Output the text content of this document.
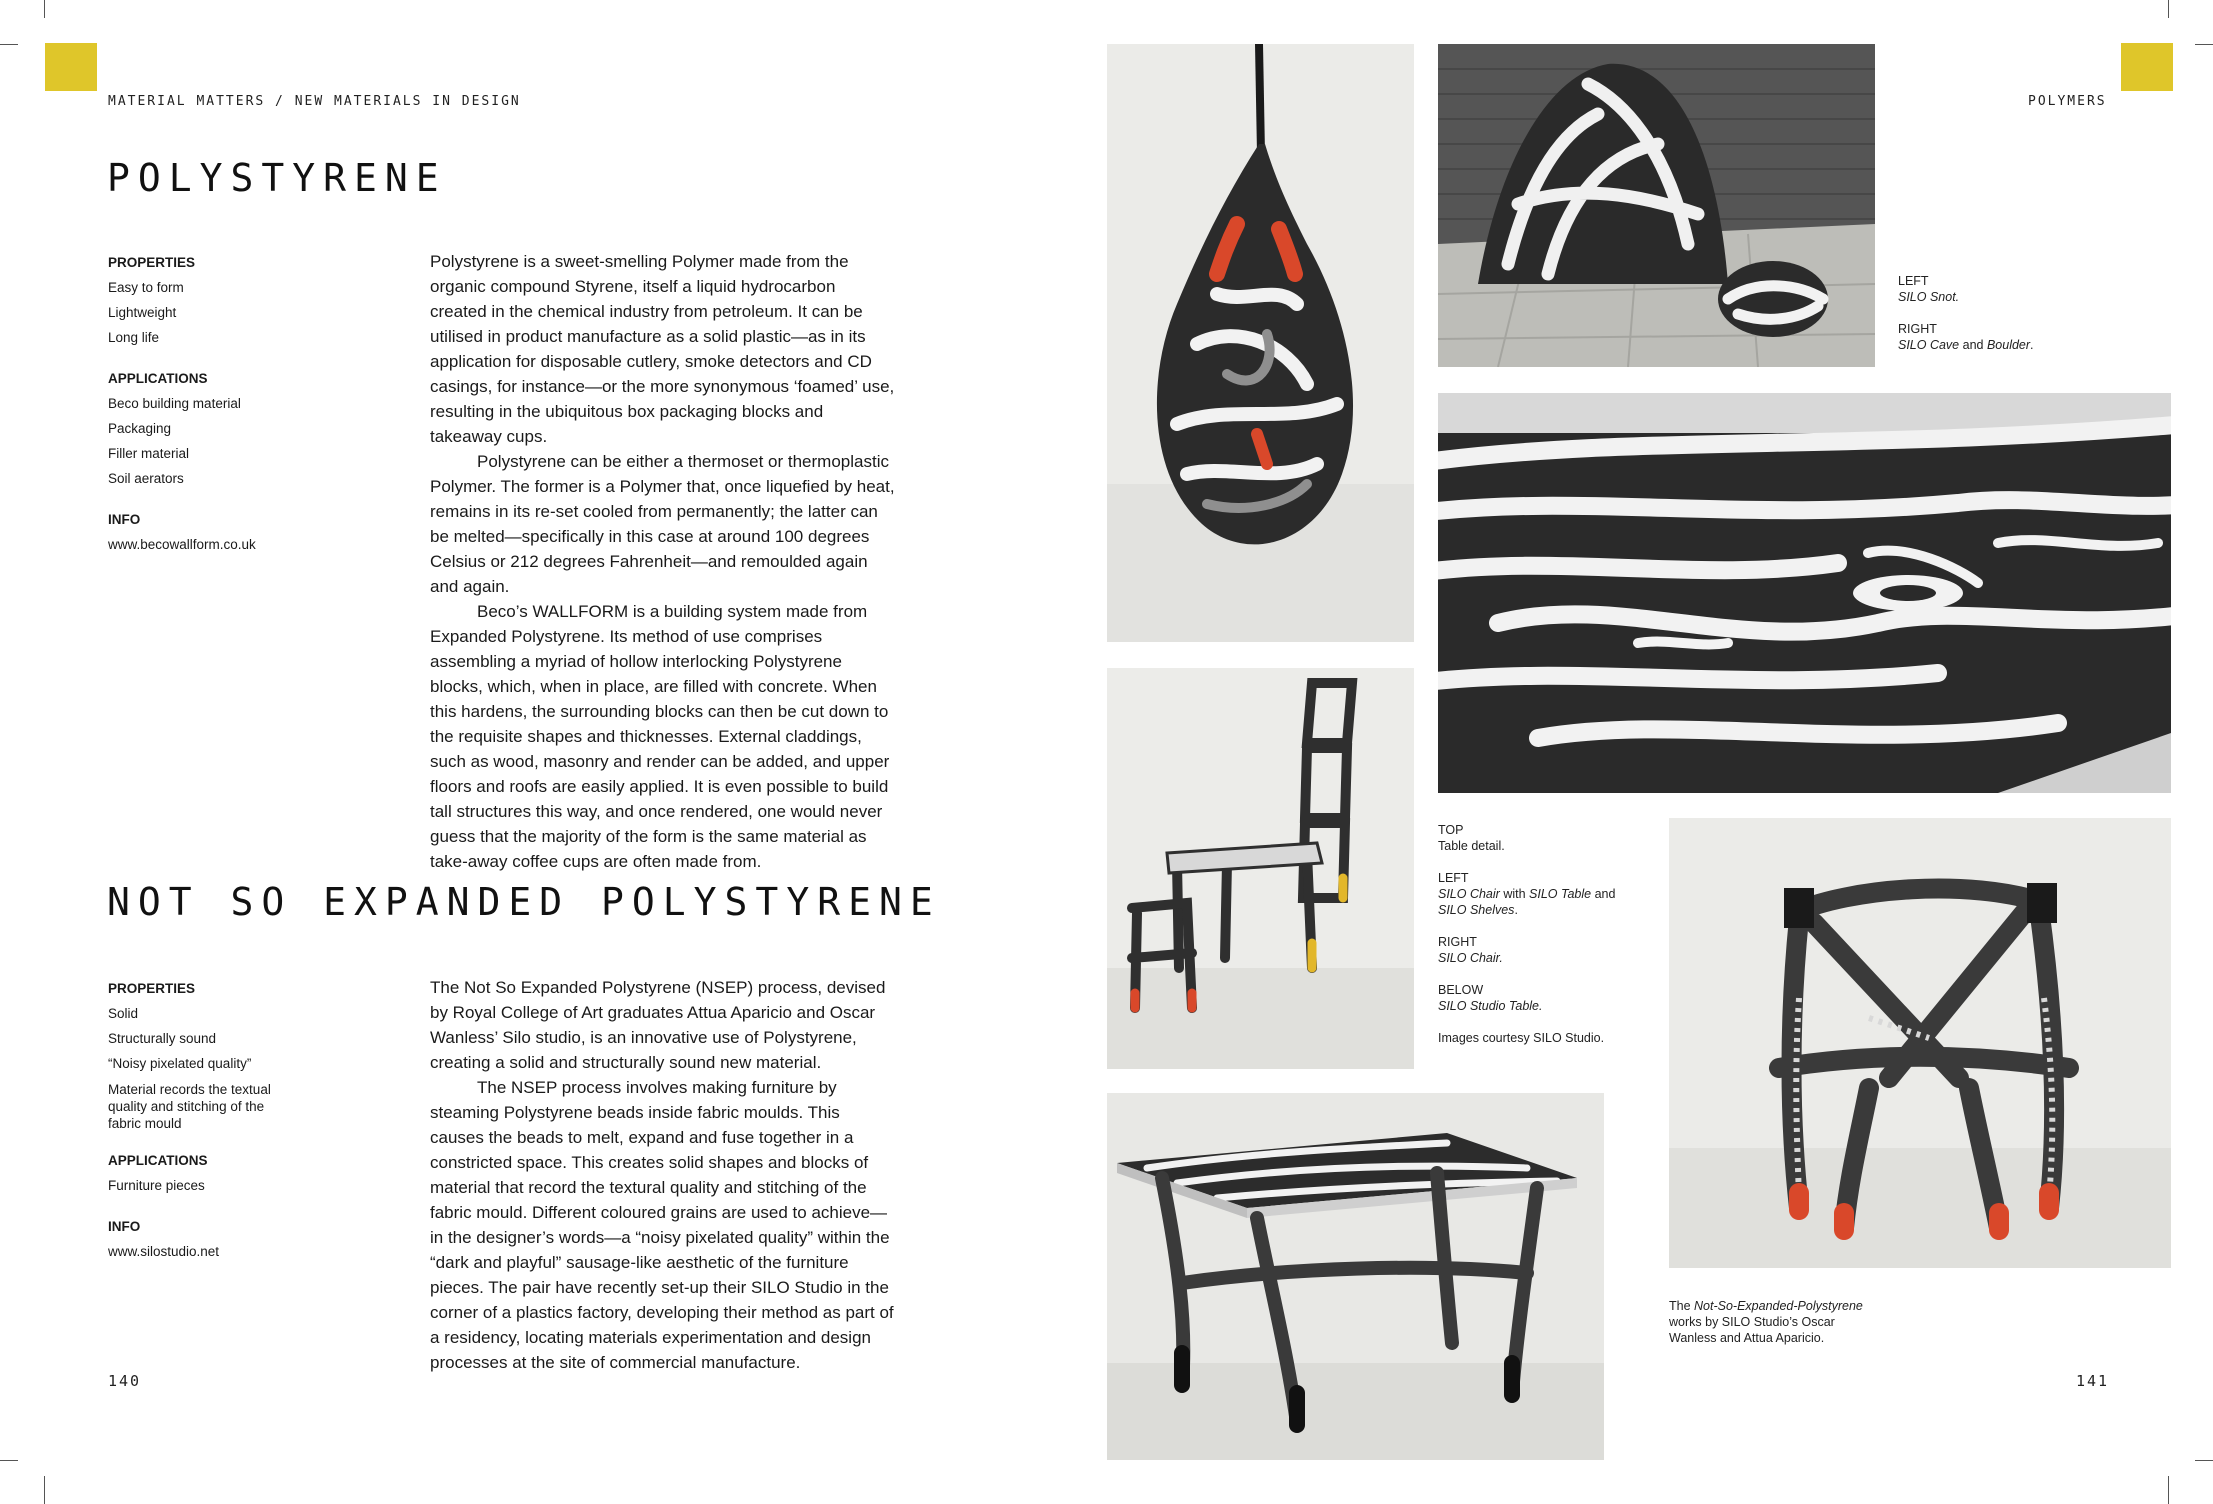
MATERIAL MATTERS / NEW MATERIALS IN DESIGN	POLYMERS
POLYSTYRENE
PROPERTIES
Easy to form
Lightweight
Long life
APPLICATIONS
Beco building material
Packaging
Filler material
Soil aerators
INFO
www.becowallform.co.uk

Polystyrene is a sweet-smelling Polymer made from the organic compound Styrene, itself a liquid hydrocarbon created in the chemical industry from petroleum. It can be utilised in product manufacture as a solid plastic—as in its application for disposable cutlery, smoke detectors and CD casings, for instance—or the more synonymous ‘foamed’ use, resulting in the ubiquitous box packaging blocks and takeaway cups.

Polystyrene can be either a thermoset or thermoplastic Polymer. The former is a Polymer that, once liquefied by heat, remains in its re-set cooled from permanently; the latter can be melted—specifically in this case at around 100 degrees Celsius or 212 degrees Fahrenheit—and remoulded again and again.

Beco’s WALLFORM is a building system made from Expanded Polystyrene. Its method of use comprises assembling a myriad of hollow interlocking Polystyrene blocks, which, when in place, are filled with concrete. When this hardens, the surrounding blocks can then be cut down to the requisite shapes and thicknesses. External claddings, such as wood, masonry and render can be added, and upper floors and roofs are easily applied. It is even possible to build tall structures this way, and once rendered, one would never guess that the majority of the form is the same material as take-away coffee cups are often made from.

NOT SO EXPANDED POLYSTYRENE
PROPERTIES
Solid
Structurally sound
“Noisy pixelated quality”
Material records the textual quality and stitching of the fabric mould
APPLICATIONS
Furniture pieces
INFO
www.silostudio.net

The Not So Expanded Polystyrene (NSEP) process, devised by Royal College of Art graduates Attua Aparicio and Oscar Wanless’ Silo studio, is an innovative use of Polystyrene, creating a solid and structurally sound new material.

The NSEP process involves making furniture by steaming Polystyrene beads inside fabric moulds. This causes the beads to melt, expand and fuse together in a constricted space. This creates solid shapes and blocks of material that record the textural quality and stitching of the fabric mould. Different coloured grains are used to achieve—in the designer’s words—a “noisy pixelated quality” within the “dark and playful” sausage-like aesthetic of the furniture pieces. The pair have recently set-up their SILO Studio in the corner of a plastics factory, developing their method as part of a residency, locating materials experimentation and design processes at the site of commercial manufacture.

140	141
LEFT
SILO Snot.
RIGHT
SILO Cave and Boulder.
TOP
Table detail.
LEFT
SILO Chair with SILO Table and
SILO Shelves.
RIGHT
SILO Chair.
BELOW
SILO Studio Table.
Images courtesy SILO Studio.
The Not-So-Expanded-Polystyrene works by SILO Studio’s Oscar Wanless and Attua Aparicio.
